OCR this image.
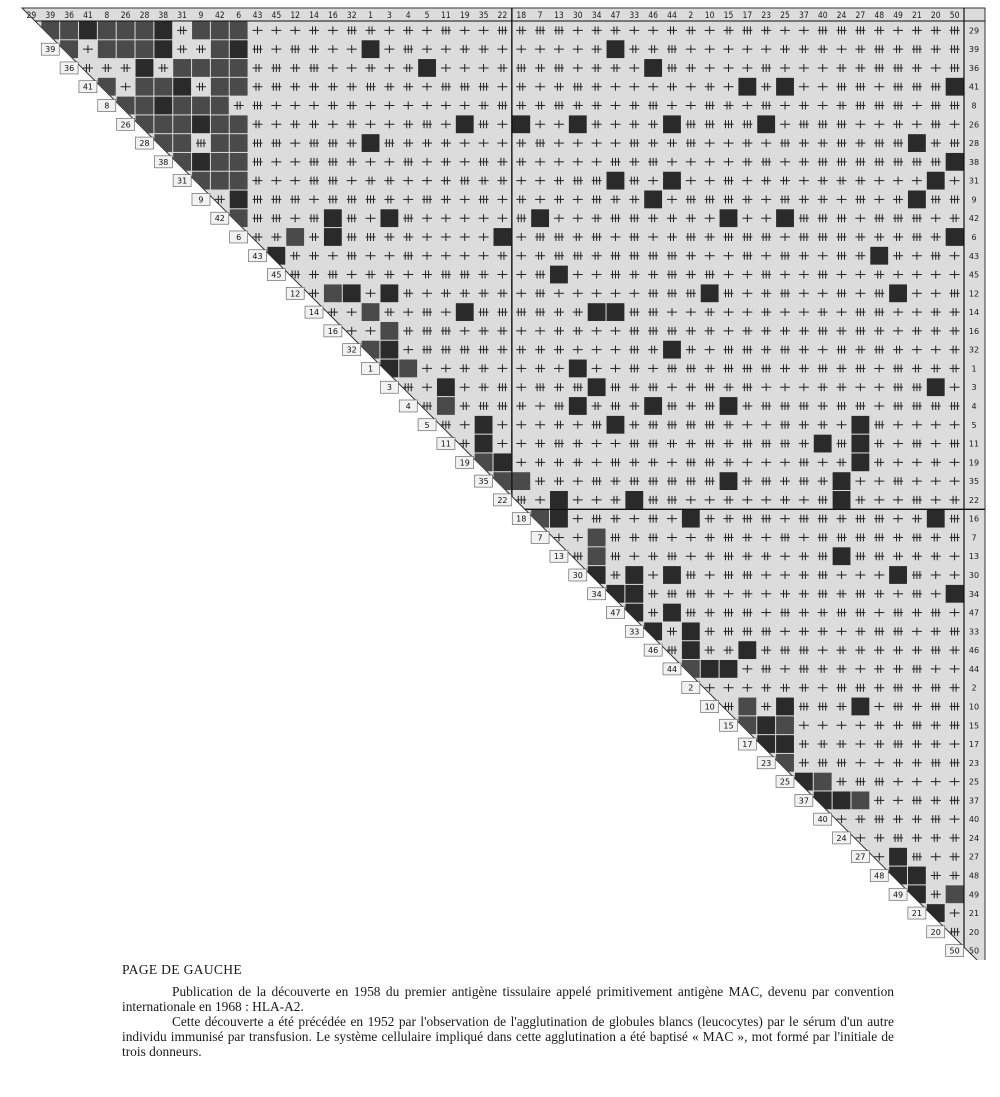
29 39 36 41 8 26 28 38 31 9 42 6 43 45 12 14 16 32 1 3 4 5 11 19 35 22 18 7 13 30 34 47 33 46 44 2 10 15 17 23 25 37 40 24 27 48 49 21 20 50
29
39
36
41
8
26
28
38
31
9
42
6
43
45
12
14
16
32
1
3
4
5
11
19
35
22
16
7
13
30
34
47
33
46
44
2
10
15
17
23
25
37
40
24
27
48
49
21
20
50
39
36
41
8
26
28
38
31
9
42
6
43
45
12
14
16
32
1
3
4
5
11
19
35
22
18
7
13
30
34
47
33
46
44
2
10
15
17
23
25
37
40
24
27
48
49
21
20
50
PAGE DE GAUCHE

Publication de la découverte en 1958 du premier antigène tissulaire appelé primitivement antigène MAC, devenu par convention internationale en 1968 : HLA-A2.

Cette découverte a été précédée en 1952 par l'observation de l'agglutination de globules blancs (leucocytes) par le sérum d'un autre individu immunisé par transfusion. Le système cellulaire impliqué dans cette agglutination a été baptisé « MAC », mot formé par l'initiale de trois donneurs.
